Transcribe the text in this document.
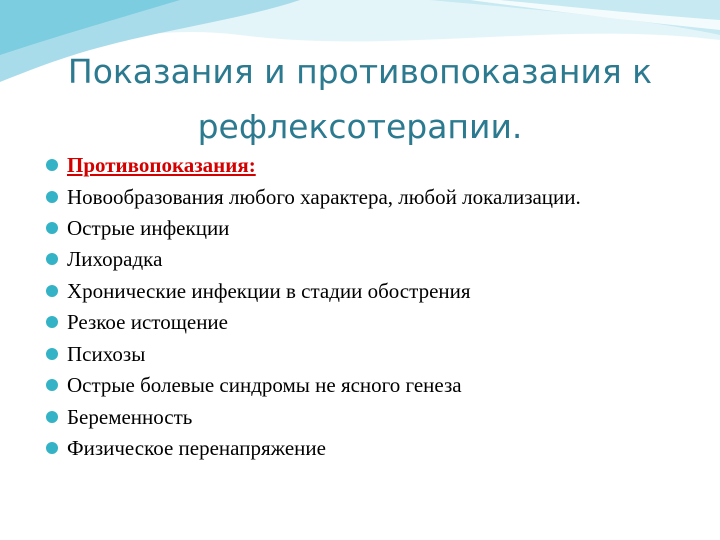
Показания и противопоказания к
рефлексотерапии.
Противопоказания:
Новообразования любого характера, любой локализации.
Острые инфекции
Лихорадка
Хронические инфекции в стадии обострения
Резкое истощение
Психозы
Острые болевые синдромы не ясного генеза
Беременность
Физическое перенапряжение
